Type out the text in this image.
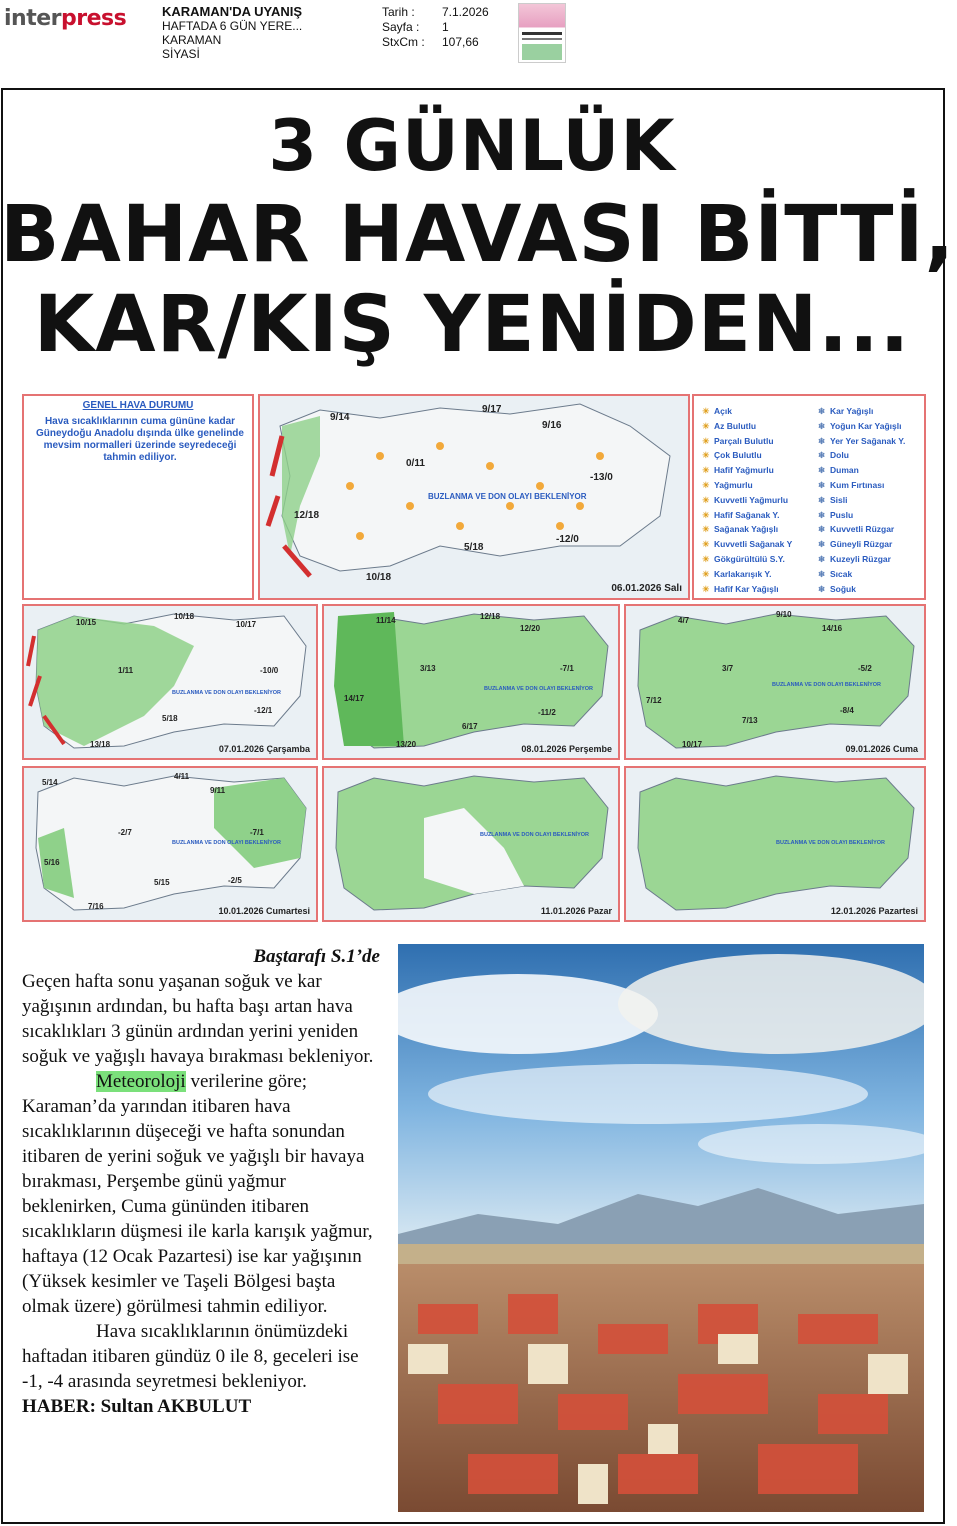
interpress	KARAMAN'DA UYANIŞ
HAFTADA 6 GÜN YERE...
KARAMAN
SİYASİ
Tarih :	7.1.2026
Sayfa :	1
StxCm :	107,66
3 GÜNLÜK
BAHAR HAVASI BİTTİ,
KAR/KIŞ YENİDEN...
GENEL HAVA DURUMU
Hava sıcaklıklarının cuma gününe kadar Güneydoğu Anadolu dışında ülke genelinde mevsim normalleri üzerinde seyredeceği tahmin ediliyor.
9/14
9/17
9/16
0/11
-13/0
12/18
5/18
-12/0
10/18
BUZLANMA VE DON OLAYI BEKLENİYOR
06.01.2026 Salı
☀ Açık
☀ Az Bulutlu
☀ Parçalı Bulutlu
☀ Çok Bulutlu
☀ Hafif Yağmurlu
☀ Yağmurlu
☀ Kuvvetli Yağmurlu
☀ Hafif Sağanak Y.
☀ Sağanak Yağışlı
☀ Kuvvetli Sağanak Y
☀ Gökgürültülü S.Y.
☀ Karlakarışık Y.
☀ Hafif Kar Yağışlı
❄ Kar Yağışlı
❄ Yoğun Kar Yağışlı
❄ Yer Yer Sağanak Y.
❄ Dolu
❄ Duman
❄ Kum Fırtınası
❄ Sisli
❄ Puslu
❄ Kuvvetli Rüzgar
❄ Güneyli Rüzgar
❄ Kuzeyli Rüzgar
❄ Sıcak
❄ Soğuk
10/15
10/18
10/17
1/11	-10/0
5/18
-12/1
13/18
BUZLANMA VE DON OLAYI BEKLENİYOR
07.01.2026 Çarşamba
11/14	12/18
12/20
3/13	-7/1
14/17
6/17
-11/2
13/20
BUZLANMA VE DON OLAYI BEKLENİYOR
08.01.2026 Perşembe
4/7
9/10
14/16
3/7	-5/2
7/12
7/13
-8/4
10/17
BUZLANMA VE DON OLAYI BEKLENİYOR
09.01.2026 Cuma
5/14
4/11
9/11
-2/7	-7/1
5/16
5/15	-2/5
7/16
BUZLANMA VE DON OLAYI BEKLENİYOR
10.01.2026 Cumartesi
BUZLANMA VE DON OLAYI BEKLENİYOR
11.01.2026 Pazar
BUZLANMA VE DON OLAYI BEKLENİYOR
12.01.2026 Pazartesi

Baştarafı S.1’de

Geçen hafta sonu yaşanan soğuk ve kar yağışının ardından, bu hafta başı artan hava sıcaklıkları 3 günün ardından yerini yeniden soğuk ve yağışlı havaya bırakması bekleniyor.

Meteoroloji verilerine göre; Karaman’da yarından itibaren hava sıcaklıklarının düşeceği ve hafta sonundan itibaren de yerini soğuk ve yağışlı bir havaya bırakması, Perşembe günü yağmur beklenirken, Cuma gününden itibaren sıcaklıkların düşmesi ile karla karışık yağmur, haftaya (12 Ocak Pazartesi) ise kar yağışının (Yüksek kesimler ve Taşeli Bölgesi başta olmak üzere) görülmesi tahmin ediliyor.

Hava sıcaklıklarının önümüzdeki haftadan itibaren gündüz 0 ile 8, geceleri ise -1, -4 arasında seyretmesi bekleniyor.

HABER: Sultan AKBULUT
